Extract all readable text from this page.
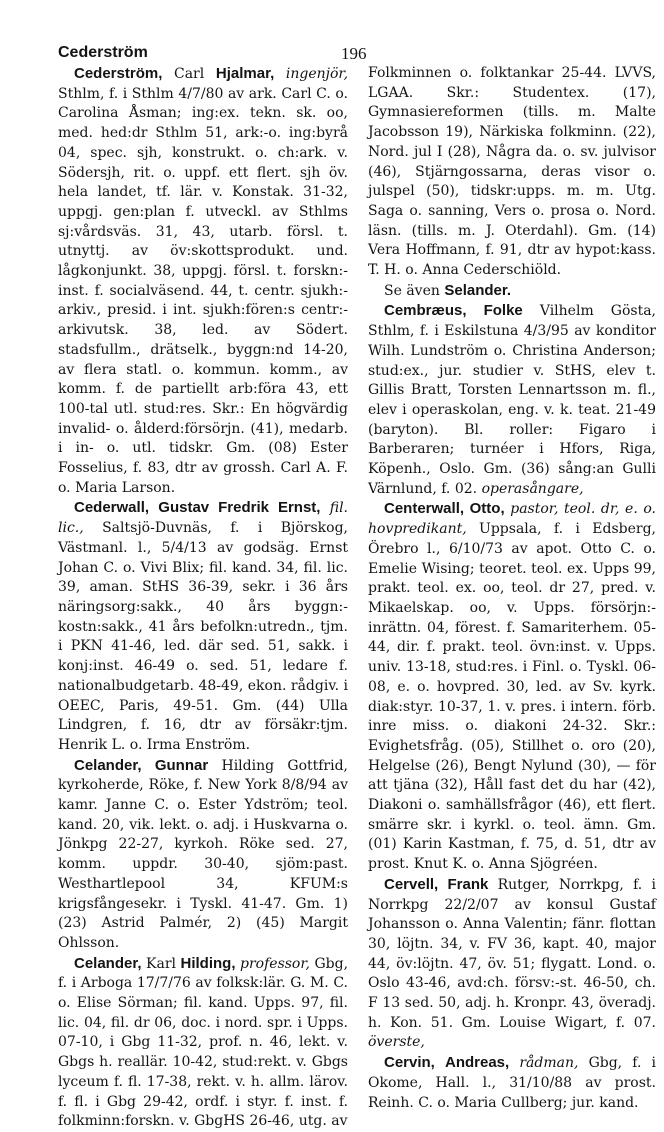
Cederström	196

Cederström, Carl Hjalmar, ingenjör, Sthlm, f. i Sthlm 4/7/80 av ark. Carl C. o. Carolina Åsman; ing:ex. tekn. sk. oo, med. hed:dr Sthlm 51, ark:-o. ing:byrå 04, spec. sjh, konstrukt. o. ch:ark. v. Södersjh, rit. o. uppf. ett flert. sjh öv. hela landet, tf. lär. v. Konstak. 31-32, uppgj. gen:plan f. utveckl. av Sthlms sj:vårdsväs. 31, 43, utarb. försl. t. utnyttj. av öv:skottsprodukt. und. lågkonjunkt. 38, uppgj. försl. t. forskn:-inst. f. socialväsend. 44, t. centr. sjukh:-arkiv., presid. i int. sjukh:fören:s centr:-arkivutsk. 38, led. av Södert. stadsfullm., drätselk., byggn:nd 14-20, av flera statl. o. kommun. komm., av komm. f. de partiellt arb:föra 43, ett 100-tal utl. stud:res. Skr.: En högvärdig invalid- o. ålderd:försörjn. (41), medarb. i in- o. utl. tidskr. Gm. (08) Ester Fosselius, f. 83, dtr av grossh. Carl A. F. o. Maria Larson.

Cederwall, Gustav Fredrik Ernst, fil. lic., Saltsjö-Duvnäs, f. i Björskog, Västmanl. l., 5/4/13 av godsäg. Ernst Johan C. o. Vivi Blix; fil. kand. 34, fil. lic. 39, aman. StHS 36-39, sekr. i 36 års näringsorg:sakk., 40 års byggn:-kostn:sakk., 41 års befolkn:utredn., tjm. i PKN 41-46, led. där sed. 51, sakk. i konj:inst. 46-49 o. sed. 51, ledare f. nationalbudgetarb. 48-49, ekon. rådgiv. i OEEC, Paris, 49-51. Gm. (44) Ulla Lindgren, f. 16, dtr av försäkr:tjm. Henrik L. o. Irma Enström.

Celander, Gunnar Hilding Gottfrid, kyrkoherde, Röke, f. New York 8/8/94 av kamr. Janne C. o. Ester Ydström; teol. kand. 20, vik. lekt. o. adj. i Huskvarna o. Jönkpg 22-27, kyrkoh. Röke sed. 27, komm. uppdr. 30-40, sjöm:past. Westhartlepool 34, KFUM:s krigsfångesekr. i Tyskl. 41-47. Gm. 1) (23) Astrid Palmér, 2) (45) Margit Ohlsson.

Celander, Karl Hilding, professor, Gbg, f. i Arboga 17/7/76 av folksk:lär. G. M. C. o. Elise Sörman; fil. kand. Upps. 97, fil. lic. 04, fil. dr 06, doc. i nord. spr. i Upps. 07-10, i Gbg 11-32, prof. n. 46, lekt. v. Gbgs h. reallär. 10-42, stud:rekt. v. Gbgs lyceum f. fl. 17-38, rekt. v. h. allm. lärov. f. fl. i Gbg 29-42, ordf. i styr. f. inst. f. folkminn:forskn. v. GbgHS 26-46, utg. av

Folkminnen o. folktankar 25-44. LVVS, LGAA. Skr.: Studentex. (17), Gymnasiereformen (tills. m. Malte Jacobsson 19), Närkiska folkminn. (22), Nord. jul I (28), Några da. o. sv. julvisor (46), Stjärngossarna, deras visor o. julspel (50), tidskr:upps. m. m. Utg. Saga o. sanning, Vers o. prosa o. Nord. läsn. (tills. m. J. Oterdahl). Gm. (14) Vera Hoffmann, f. 91, dtr av hypot:kass. T. H. o. Anna Cederschiöld.

Se även Selander.

Cembræus, Folke Vilhelm Gösta, Sthlm, f. i Eskilstuna 4/3/95 av konditor Wilh. Lundström o. Christina Anderson; stud:ex., jur. studier v. StHS, elev t. Gillis Bratt, Torsten Lennartsson m. fl., elev i operaskolan, eng. v. k. teat. 21-49 (baryton). Bl. roller: Figaro i Barberaren; turnéer i Hfors, Riga, Köpenh., Oslo. Gm. (36) sång:an Gulli Värnlund, f. 02. operasångare,

Centerwall, Otto, pastor, teol. dr, e. o. hovpredikant, Uppsala, f. i Edsberg, Örebro l., 6/10/73 av apot. Otto C. o. Emelie Wising; teoret. teol. ex. Upps 99, prakt. teol. ex. oo, teol. dr 27, pred. v. Mikaelskap. oo, v. Upps. försörjn:-inrättn. 04, förest. f. Samariterhem. 05-44, dir. f. prakt. teol. övn:inst. v. Upps. univ. 13-18, stud:res. i Finl. o. Tyskl. 06-08, e. o. hovpred. 30, led. av Sv. kyrk. diak:styr. 10-37, 1. v. pres. i intern. förb. inre miss. o. diakoni 24-32. Skr.: Evighetsfråg. (05), Stillhet o. oro (20), Helgelse (26), Bengt Nylund (30), — för att tjäna (32), Håll fast det du har (42), Diakoni o. samhällsfrågor (46), ett flert. smärre skr. i kyrkl. o. teol. ämn. Gm. (01) Karin Kastman, f. 75, d. 51, dtr av prost. Knut K. o. Anna Sjögréen.

Cervell, Frank Rutger, Norrkpg, f. i Norrkpg 22/2/07 av konsul Gustaf Johansson o. Anna Valentin; fänr. flottan 30, löjtn. 34, v. FV 36, kapt. 40, major 44, öv:löjtn. 47, öv. 51; flygatt. Lond. o. Oslo 43-46, avd:ch. försv:-st. 46-50, ch. F 13 sed. 50, adj. h. Kronpr. 43, överadj. h. Kon. 51. Gm. Louise Wigart, f. 07. överste,

Cervin, Andreas, rådman, Gbg, f. i Okome, Hall. l., 31/10/88 av prost. Reinh. C. o. Maria Cullberg; jur. kand.
